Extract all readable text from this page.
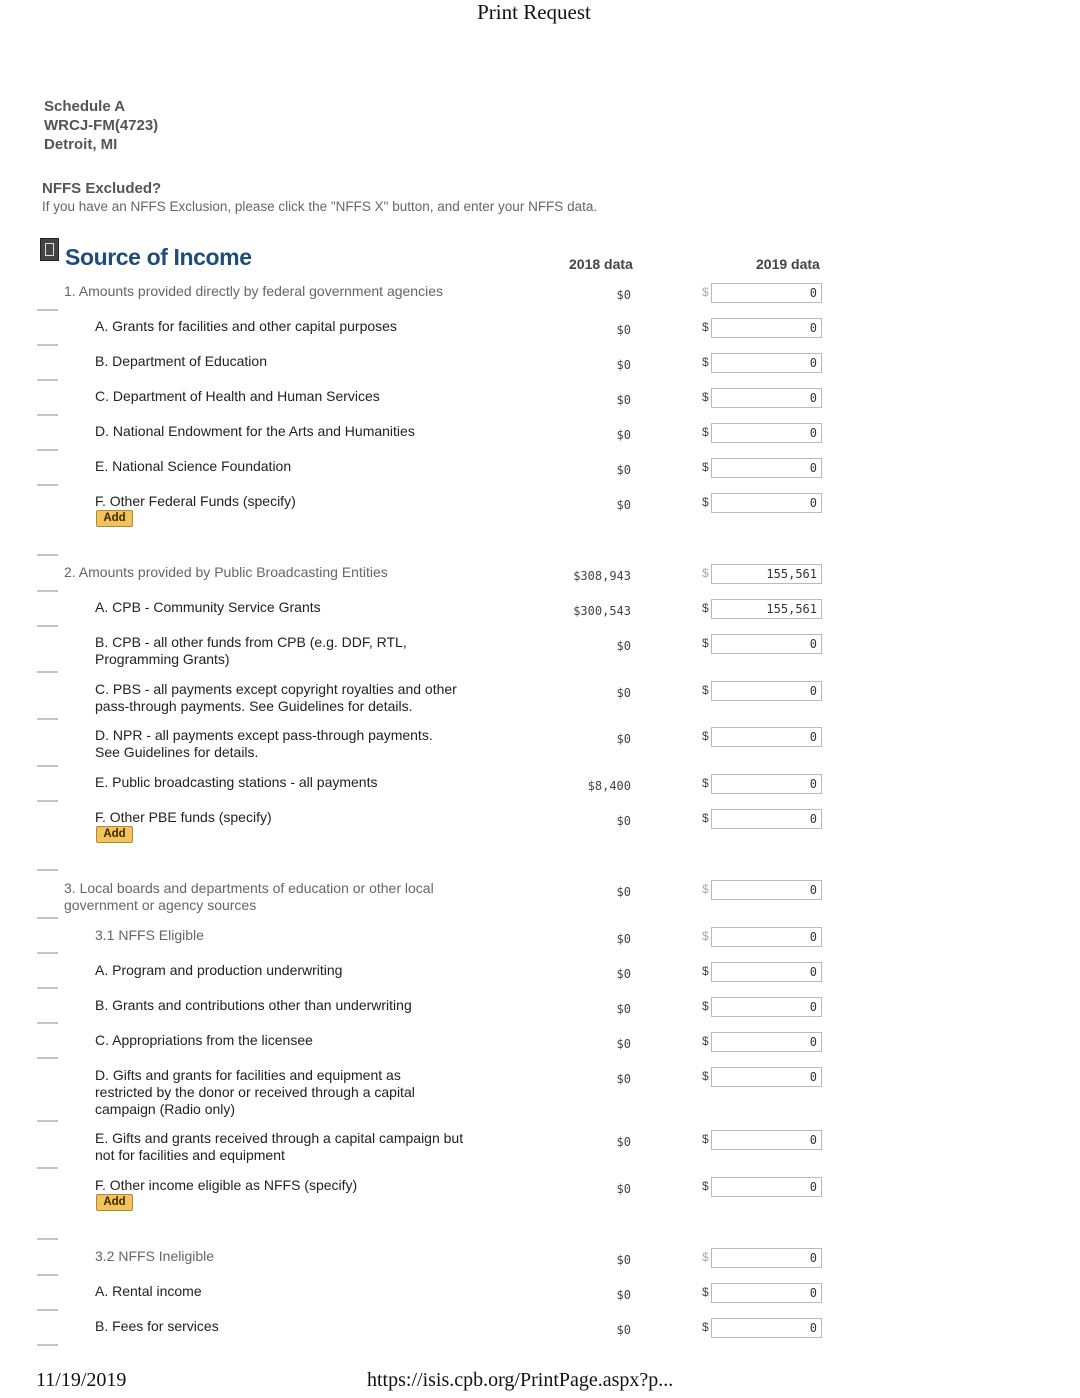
Print Request
Schedule A
WRCJ-FM(4723)
Detroit, MI
NFFS Excluded?
If you have an NFFS Exclusion, please click the "NFFS X" button, and enter your NFFS data.
Source of Income	2018 data	2019 data
1. Amounts provided directly by federal government agencies	$0	$	0
A. Grants for facilities and other capital purposes	$0	$	0
B. Department of Education	$0	$	0
C. Department of Health and Human Services	$0	$	0
D. National Endowment for the Arts and Humanities	$0	$	0
E. National Science Foundation	$0	$	0
F. Other Federal Funds (specify)	$0	$	0
Add
2. Amounts provided by Public Broadcasting Entities	$308,943	$	155,561
A. CPB - Community Service Grants	$300,543	$	155,561
B. CPB - all other funds from CPB (e.g. DDF, RTL, Programming Grants)
$0	$	0
C. PBS - all payments except copyright royalties and other pass-through payments. See Guidelines for details.
$0	$	0
D. NPR - all payments except pass-through payments. See Guidelines for details.
$0	$	0
E. Public broadcasting stations - all payments	$8,400	$	0
F. Other PBE funds (specify)	$0	$	0
Add
3. Local boards and departments of education or other local government or agency sources
$0	$	0
3.1 NFFS Eligible	$0	$	0
A. Program and production underwriting	$0	$	0
B. Grants and contributions other than underwriting	$0	$	0
C. Appropriations from the licensee	$0	$	0
D. Gifts and grants for facilities and equipment as restricted by the donor or received through a capital campaign (Radio only)
$0	$	0
E. Gifts and grants received through a capital campaign but not for facilities and equipment
$0	$	0
F. Other income eligible as NFFS (specify)	$0	$	0
Add
3.2 NFFS Ineligible	$0	$	0
A. Rental income	$0	$	0
B. Fees for services	$0	$	0
11/19/2019	https://isis.cpb.org/PrintPage.aspx?p...
